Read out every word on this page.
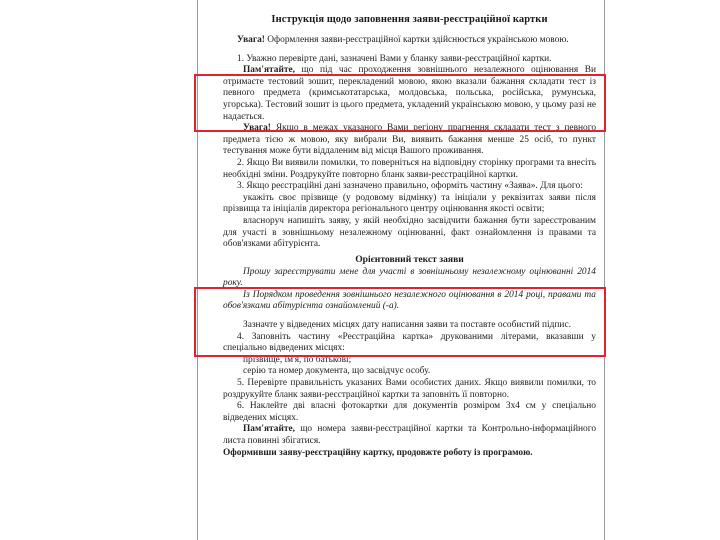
Інструкція щодо заповнення заяви-реєстраційної картки

Увага! Оформлення заяви-реєстраційної картки здійснюється українською мовою.

1. Уважно перевірте дані, зазначені Вами у бланку заяви-реєстраційної картки.

Пам'ятайте, що під час проходження зовнішнього незалежного оцінювання Ви отримаєте тестовий зошит, перекладений мовою, якою вказали бажання складати тест із певного предмета (кримськотатарська, молдовська, польська, російська, румунська, угорська). Тестовий зошит із цього предмета, укладений українською мовою, у цьому разі не надається.

Увага! Якщо в межах указаного Вами регіону прагнення складати тест з певного предмета тією ж мовою, яку вибрали Ви, виявить бажання менше 25 осіб, то пункт тестування може бути віддаленим від місця Вашого проживання.

2. Якщо Ви виявили помилки, то поверніться на відповідну сторінку програми та внесіть необхідні зміни. Роздрукуйте повторно бланк заяви-реєстраційної картки.

3. Якщо реєстраційні дані зазначено правильно, оформіть частину «Заява». Для цього:

укажіть своє прізвище (у родовому відмінку) та ініціали у реквізитах заяви після прізвища та ініціалів директора регіонального центру оцінювання якості освіти;

власноруч напишіть заяву, у якій необхідно засвідчити бажання бути зареєстрованим для участі в зовнішньому незалежному оцінюванні, факт ознайомлення із правами та обов'язками абітурієнта.

Орієнтовний текст заяви

Прошу зареєструвати мене для участі в зовнішньому незалежному оцінюванні 2014 року.

Із Порядком проведення зовнішнього незалежного оцінювання в 2014 році, правами та обов'язками абітурієнта ознайомлений (-а).

Зазначте у відведених місцях дату написання заяви та поставте особистий підпис.

4. Заповніть частину «Реєстраційна картка» друкованими літерами, вказавши у спеціально відведених місцях:

прізвище, ім'я, по батькові;

серію та номер документа, що засвідчує особу.

5. Перевірте правильність указаних Вами особистих даних. Якщо виявили помилки, то роздрукуйте бланк заяви-реєстраційної картки та заповніть її повторно.

6. Наклейте дві власні фотокартки для документів розміром 3х4 см у спеціально відведених місцях.

Пам'ятайте, що номера заяви-реєстраційної картки та Контрольно-інформаційного листа повинні збігатися.

Оформивши заяву-реєстраційну картку, продовжте роботу із програмою.
